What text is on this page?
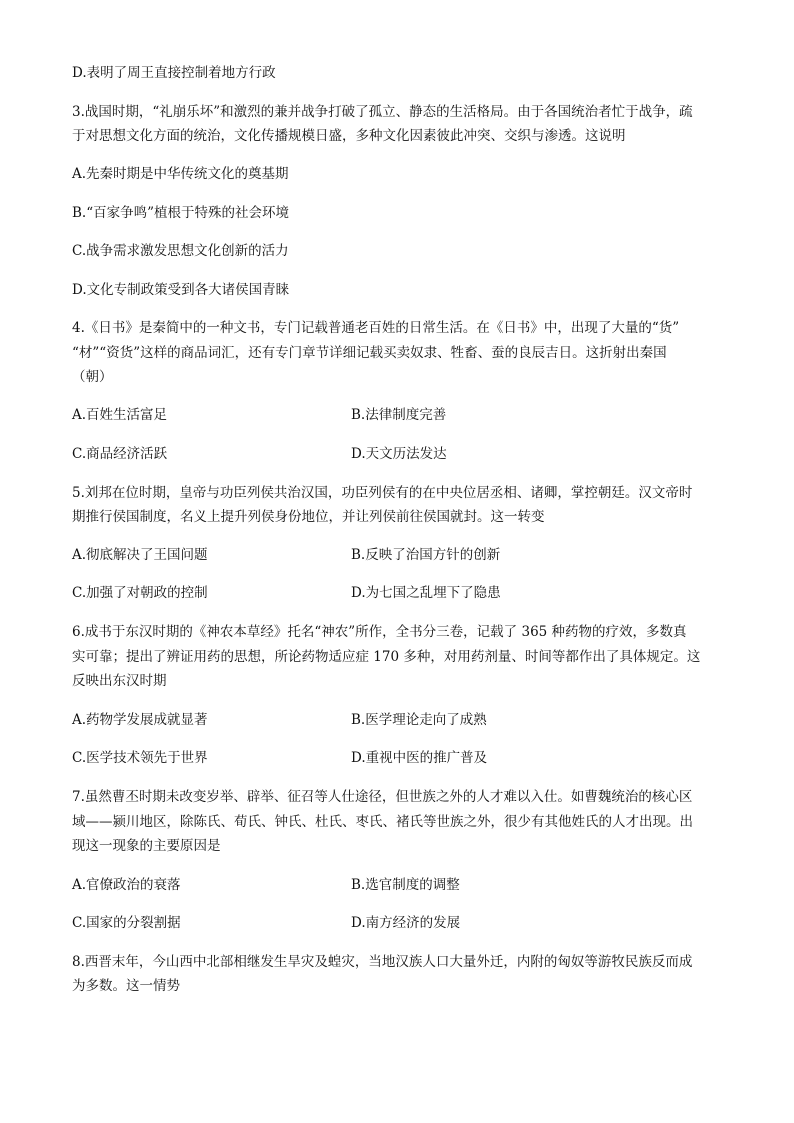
D.表明了周王直接控制着地方行政
3.战国时期，“礼崩乐坏”和激烈的兼并战争打破了孤立、静态的生活格局。由于各国统治者忙于战争，疏
于对思想文化方面的统治，文化传播规模日盛，多种文化因素彼此冲突、交织与渗透。这说明
A.先秦时期是中华传统文化的奠基期
B.“百家争鸣”植根于特殊的社会环境
C.战争需求激发思想文化创新的活力
D.文化专制政策受到各大诸侯国青睐
4.《日书》是秦简中的一种文书，专门记载普通老百姓的日常生活。在《日书》中，出现了大量的“货”
“材”“资货”这样的商品词汇，还有专门章节详细记载买卖奴隶、牲畜、蚕的良辰吉日。这折射出秦国
（朝）
A.百姓生活富足	B.法律制度完善
C.商品经济活跃	D.天文历法发达
5.刘邦在位时期，皇帝与功臣列侯共治汉国，功臣列侯有的在中央位居丞相、诸卿，掌控朝廷。汉文帝时
期推行侯国制度，名义上提升列侯身份地位，并让列侯前往侯国就封。这一转变
A.彻底解决了王国问题	B.反映了治国方针的创新
C.加强了对朝政的控制	D.为七国之乱埋下了隐患
6.成书于东汉时期的《神农本草经》托名“神农”所作，全书分三卷，记载了 365 种药物的疗效，多数真
实可靠；提出了辨证用药的思想，所论药物适应症 170 多种，对用药剂量、时间等都作出了具体规定。这
反映出东汉时期
A.药物学发展成就显著	B.医学理论走向了成熟
C.医学技术领先于世界	D.重视中医的推广普及
7.虽然曹丕时期未改变岁举、辟举、征召等人仕途径，但世族之外的人才难以入仕。如曹魏统治的核心区
域——颍川地区，除陈氏、荀氏、钟氏、杜氏、枣氏、褚氏等世族之外，很少有其他姓氏的人才出现。出
现这一现象的主要原因是
A.官僚政治的衰落	B.选官制度的调整
C.国家的分裂割据	D.南方经济的发展
8.西晋末年，今山西中北部相继发生旱灾及蝗灾，当地汉族人口大量外迁，内附的匈奴等游牧民族反而成
为多数。这一情势
